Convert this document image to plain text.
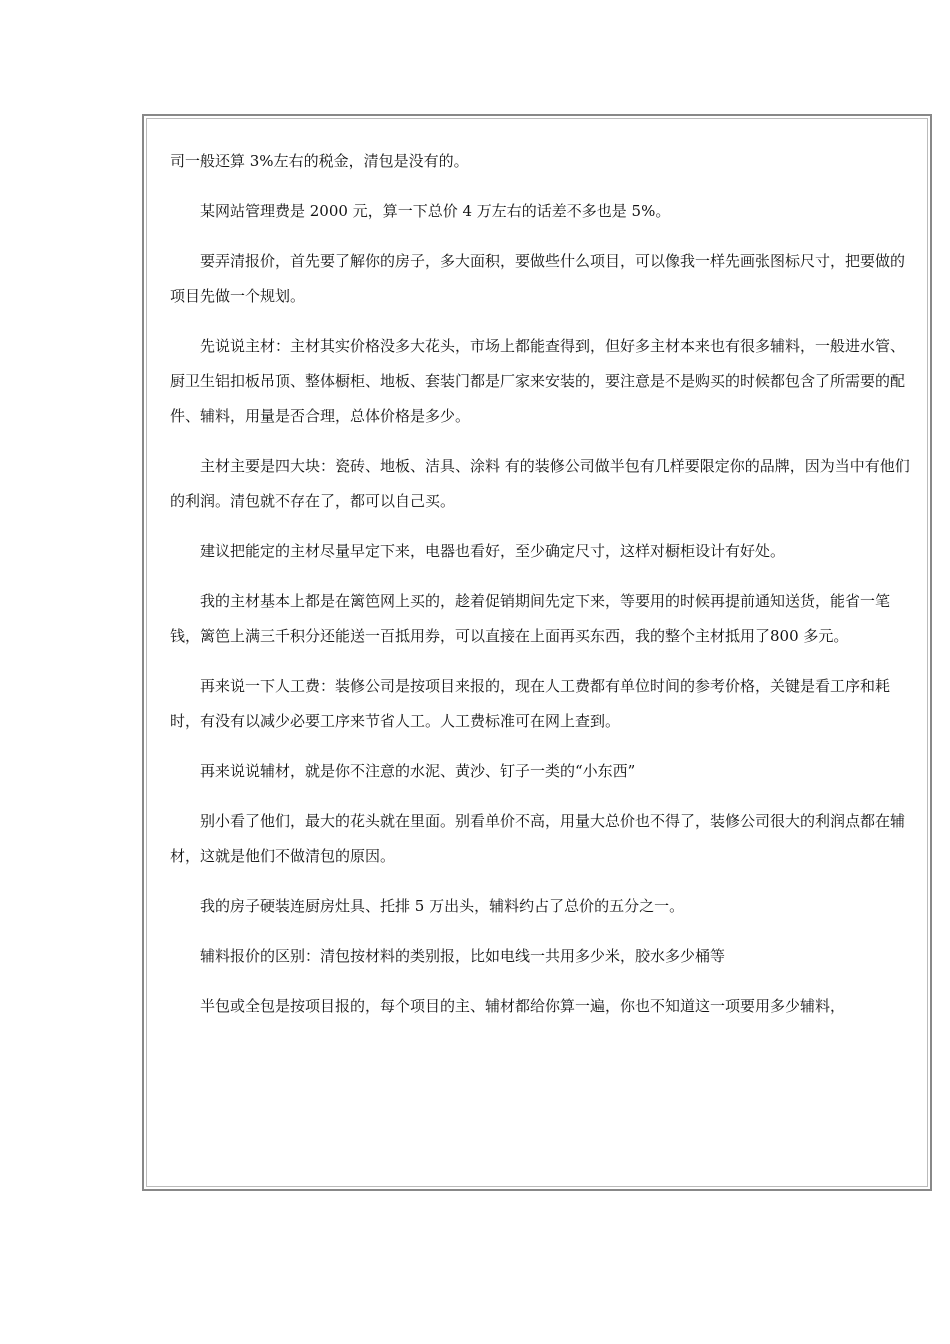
司一般还算 3%左右的税金，清包是没有的。

某网站管理费是 2000 元，算一下总价 4 万左右的话差不多也是 5%。

要弄清报价，首先要了解你的房子，多大面积，要做些什么项目，可以像我一样先画张图标尺寸，把要做的项目先做一个规划。

先说说主材：主材其实价格没多大花头，市场上都能查得到，但好多主材本来也有很多辅料，一般进水管、厨卫生铝扣板吊顶、整体橱柜、地板、套装门都是厂家来安装的，要注意是不是购买的时候都包含了所需要的配件、辅料，用量是否合理，总体价格是多少。

主材主要是四大块：瓷砖、地板、洁具、涂料 有的装修公司做半包有几样要限定你的品牌，因为当中有他们的利润。清包就不存在了，都可以自己买。

建议把能定的主材尽量早定下来，电器也看好，至少确定尺寸，这样对橱柜设计有好处。

我的主材基本上都是在篱笆网上买的，趁着促销期间先定下来，等要用的时候再提前通知送货，能省一笔钱，篱笆上满三千积分还能送一百抵用券，可以直接在上面再买东西，我的整个主材抵用了800 多元。

再来说一下人工费：装修公司是按项目来报的，现在人工费都有单位时间的参考价格，关键是看工序和耗时，有没有以减少必要工序来节省人工。人工费标准可在网上查到。

再来说说辅材，就是你不注意的水泥、黄沙、钉子一类的“小东西”

别小看了他们，最大的花头就在里面。别看单价不高，用量大总价也不得了，装修公司很大的利润点都在辅材，这就是他们不做清包的原因。

我的房子硬装连厨房灶具、托排 5 万出头，辅料约占了总价的五分之一。

辅料报价的区别：清包按材料的类别报，比如电线一共用多少米，胶水多少桶等

半包或全包是按项目报的，每个项目的主、辅材都给你算一遍，你也不知道这一项要用多少辅料，
